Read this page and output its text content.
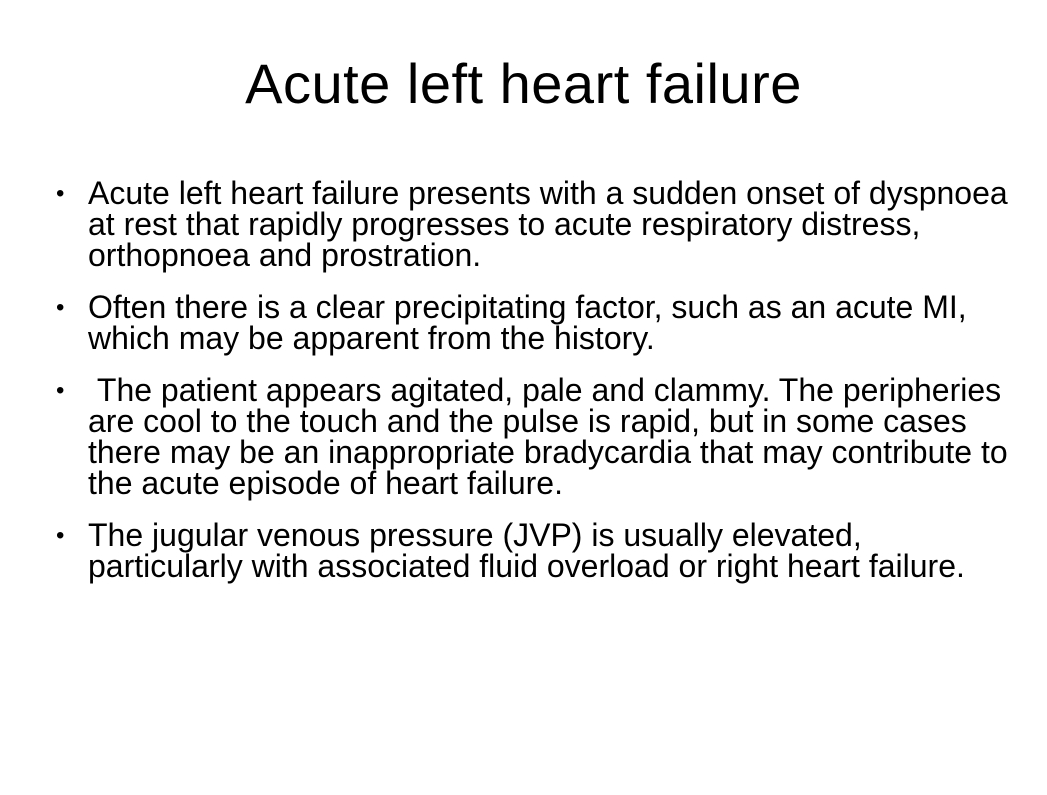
Acute left heart failure
• Acute left heart failure presents with a sudden onset of dyspnoea at rest that rapidly progresses to acute respiratory distress, orthopnoea and prostration.
• Often there is a clear precipitating factor, such as an acute MI, which may be apparent from the history.
• The patient appears agitated, pale and clammy. The peripheries are cool to the touch and the pulse is rapid, but in some cases there may be an inappropriate bradycardia that may contribute to the acute episode of heart failure.
• The jugular venous pressure (JVP) is usually elevated, particularly with associated fluid overload or right heart failure.
